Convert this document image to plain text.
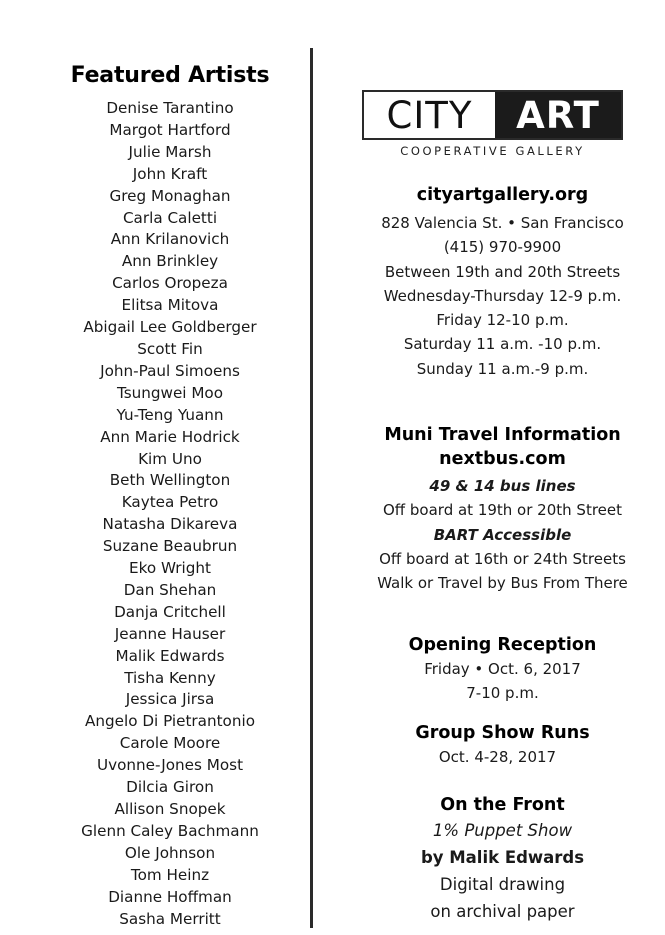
Featured Artists
Denise Tarantino
Margot Hartford
Julie Marsh
John Kraft
Greg Monaghan
Carla Caletti
Ann Krilanovich
Ann Brinkley
Carlos Oropeza
Elitsa Mitova
Abigail Lee Goldberger
Scott Fin
John-Paul Simoens
Tsungwei Moo
Yu-Teng Yuann
Ann Marie Hodrick
Kim Uno
Beth Wellington
Kaytea Petro
Natasha Dikareva
Suzane Beaubrun
Eko Wright
Dan Shehan
Danja Critchell
Jeanne Hauser
Malik Edwards
Tisha Kenny
Jessica Jirsa
Angelo Di Pietrantonio
Carole Moore
Uvonne-Jones Most
Dilcia Giron
Allison Snopek
Glenn Caley Bachmann
Ole Johnson
Tom Heinz
Dianne Hoffman
Sasha Merritt
CITY	ART
COOPERATIVE GALLERY
cityartgallery.org
828 Valencia St. • San Francisco
(415) 970-9900
Between 19th and 20th Streets
Wednesday-Thursday 12-9 p.m.
Friday 12-10 p.m.
Saturday 11 a.m. -10 p.m.
Sunday 11 a.m.-9 p.m.
Muni Travel Information
nextbus.com
49 & 14 bus lines
Off board at 19th or 20th Street
BART Accessible
Off board at 16th or 24th Streets
Walk or Travel by Bus From There
Opening Reception
Friday • Oct. 6, 2017
7-10 p.m.
Group Show Runs
Oct. 4-28, 2017
On the Front
1% Puppet Show
by Malik Edwards
Digital drawing
on archival paper
